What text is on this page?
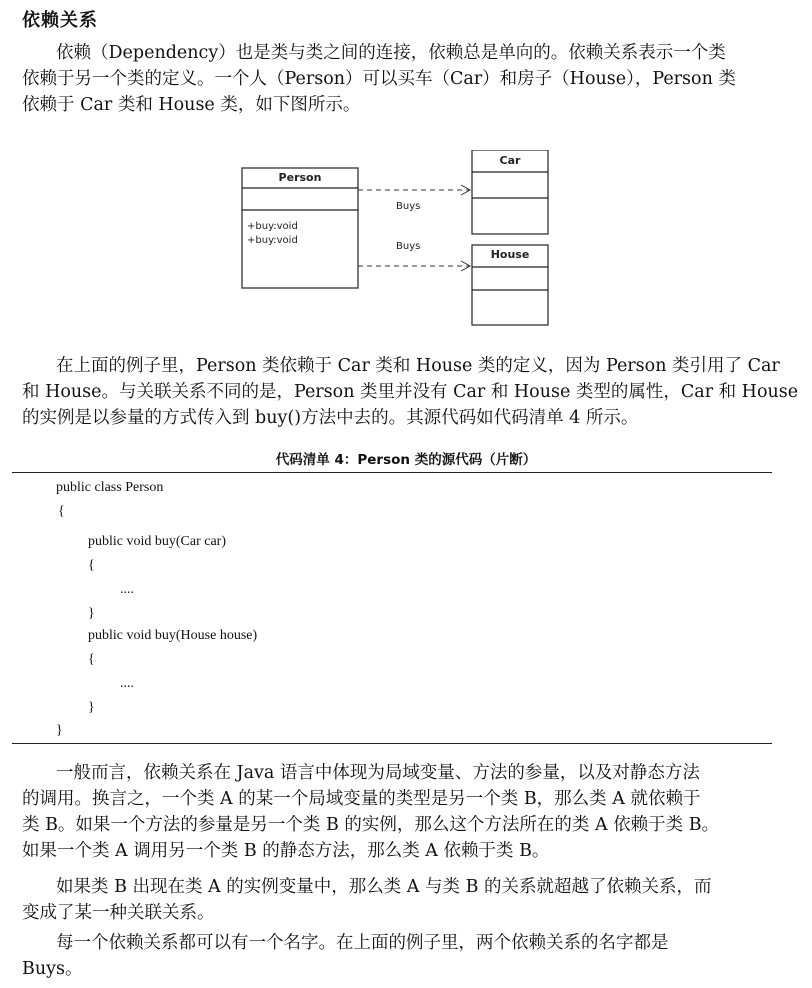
依赖关系
依赖（Dependency）也是类与类之间的连接，依赖总是单向的。依赖关系表示一个类
依赖于另一个类的定义。一个人（Person）可以买车（Car）和房子（House），Person 类
依赖于 Car 类和 House 类，如下图所示。
Person
+buy:void
+buy:void
Car
House
Buys
Buys
在上面的例子里，Person 类依赖于 Car 类和 House 类的定义，因为 Person 类引用了 Car
和 House。与关联关系不同的是，Person 类里并没有 Car 和 House 类型的属性，Car 和 House
的实例是以参量的方式传入到 buy()方法中去的。其源代码如代码清单 4 所示。
代码清单 4：Person 类的源代码（片断）
public class Person
{
public void buy(Car car)
{
....
}
public void buy(House house)
{
....
}
}
一般而言，依赖关系在 Java 语言中体现为局域变量、方法的参量，以及对静态方法
的调用。换言之，一个类 A 的某一个局域变量的类型是另一个类 B，那么类 A 就依赖于
类 B。如果一个方法的参量是另一个类 B 的实例，那么这个方法所在的类 A 依赖于类 B。
如果一个类 A 调用另一个类 B 的静态方法，那么类 A 依赖于类 B。
如果类 B 出现在类 A 的实例变量中，那么类 A 与类 B 的关系就超越了依赖关系，而
变成了某一种关联关系。
每一个依赖关系都可以有一个名字。在上面的例子里，两个依赖关系的名字都是
Buys。
